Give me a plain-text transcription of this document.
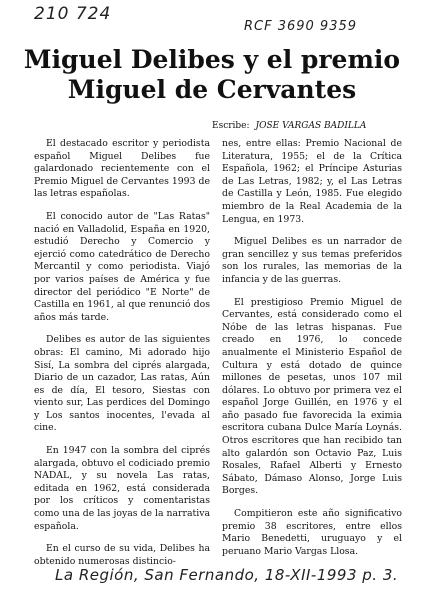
210 724
RCF 3690 9359
Miguel Delibes y el premio Miguel de Cervantes
Escribe: JOSE VARGAS BADILLA

El destacado escritor y periodista español Miguel Delibes fue galardonado recientemente con el Premio Miguel de Cervantes 1993 de las letras españolas.

El conocido autor de "Las Ratas" nació en Valladolid, España en 1920, estudió Derecho y Comercio y ejerció como catedrático de Derecho Mercantil y como periodista. Viajó por varios países de América y fue director del periódico "E Norte" de Castilla en 1961, al que renunció dos años más tarde.

Delibes es autor de las siguientes obras: El camino, Mi adorado hijo Sisí, La sombra del ciprés alargada, Diario de un cazador, Las ratas, Aún es de día, El tesoro, Siestas con viento sur, Las perdices del Domingo y Los santos inocentes, l'evada al cine.

En 1947 con la sombra del ciprés alargada, obtuvo el codiciado premio NADAL, y su novela Las ratas, editada en 1962, está considerada por los críticos y comentaristas como una de las joyas de la narrativa española.

En el curso de su vida, Delibes ha obtenido numerosas distincio-

nes, entre ellas: Premio Nacional de Literatura, 1955; el de la Crítica Española, 1962; el Príncipe Asturias de Las Letras, 1982; y, el Las Letras de Castilla y León, 1985. Fue elegido miembro de la Real Academia de la Lengua, en 1973.

Miguel Delibes es un narrador de gran sencillez y sus temas preferidos son los rurales, las memorias de la infancia y de las guerras.

El prestigioso Premio Miguel de Cervantes, está considerado como el Nóbe de las letras hispanas. Fue creado en 1976, lo concede anualmente el Ministerio Español de Cultura y está dotado de quince millones de pesetas, unos 107 mil dólares. Lo obtuvo por primera vez el español Jorge Guillén, en 1976 y el año pasado fue favorecida la eximia escritora cubana Dulce María Loynás. Otros escritores que han recibido tan alto galardón son Octavio Paz, Luis Rosales, Rafael Alberti y Ernesto Sábato, Dámaso Alonso, Jorge Luis Borges.

Compitieron este año significativo premio 38 escritores, entre ellos Mario Benedetti, uruguayo y el peruano Mario Vargas Llosa.

La Región, San Fernando, 18-XII-1993 p. 3.
